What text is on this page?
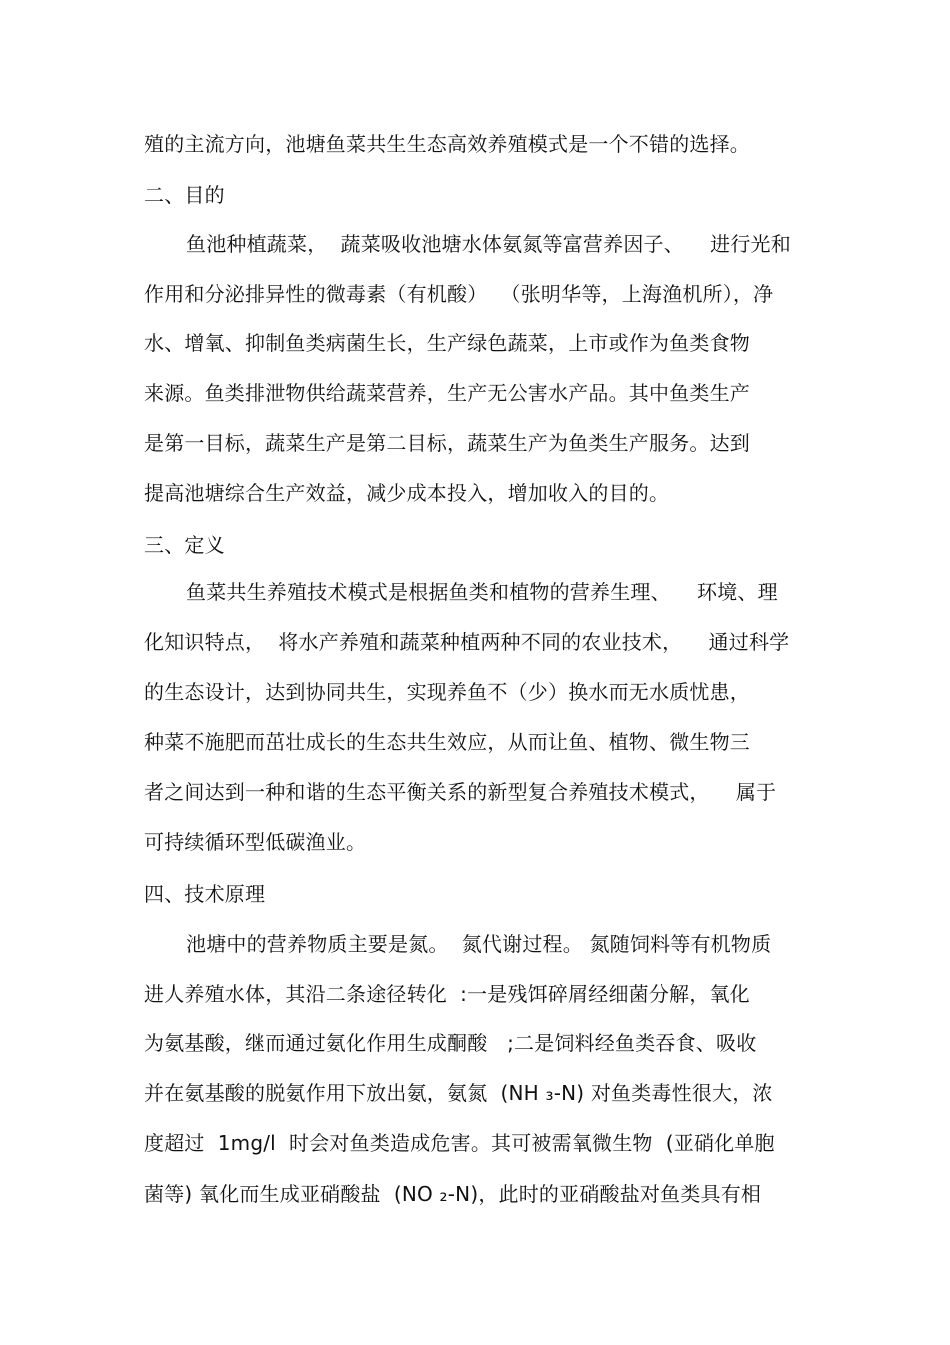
殖的主流方向，池塘鱼菜共生生态高效养殖模式是一个不错的选择。
二、目的
鱼池种植蔬菜，  蔬菜吸收池塘水体氨氮等富营养因子、    进行光和
作用和分泌排异性的微毒素（有机酸）  （张明华等，上海渔机所），净
水、增氧、抑制鱼类病菌生长，生产绿色蔬菜，上市或作为鱼类食物
来源。鱼类排泄物供给蔬菜营养，生产无公害水产品。其中鱼类生产
是第一目标，蔬菜生产是第二目标，蔬菜生产为鱼类生产服务。达到
提高池塘综合生产效益，减少成本投入，增加收入的目的。
三、定义
鱼菜共生养殖技术模式是根据鱼类和植物的营养生理、    环境、理
化知识特点，  将水产养殖和蔬菜种植两种不同的农业技术，    通过科学
的生态设计，达到协同共生，实现养鱼不（少）换水而无水质忧患，
种菜不施肥而茁壮成长的生态共生效应，从而让鱼、植物、微生物三
者之间达到一种和谐的生态平衡关系的新型复合养殖技术模式，    属于
可持续循环型低碳渔业。
四、技术原理
池塘中的营养物质主要是氮。  氮代谢过程。 氮随饲料等有机物质
进人养殖水体，其沿二条途径转化  :一是残饵碎屑经细菌分解，氧化
为氨基酸，继而通过氨化作用生成酮酸   ;二是饲料经鱼类吞食、吸收
并在氨基酸的脱氨作用下放出氨，氨氮  (NH ₃-N) 对鱼类毒性很大，浓
度超过  1mg/l  时会对鱼类造成危害。其可被需氧微生物  (亚硝化单胞
菌等) 氧化而生成亚硝酸盐  (NO ₂-N)，此时的亚硝酸盐对鱼类具有相
